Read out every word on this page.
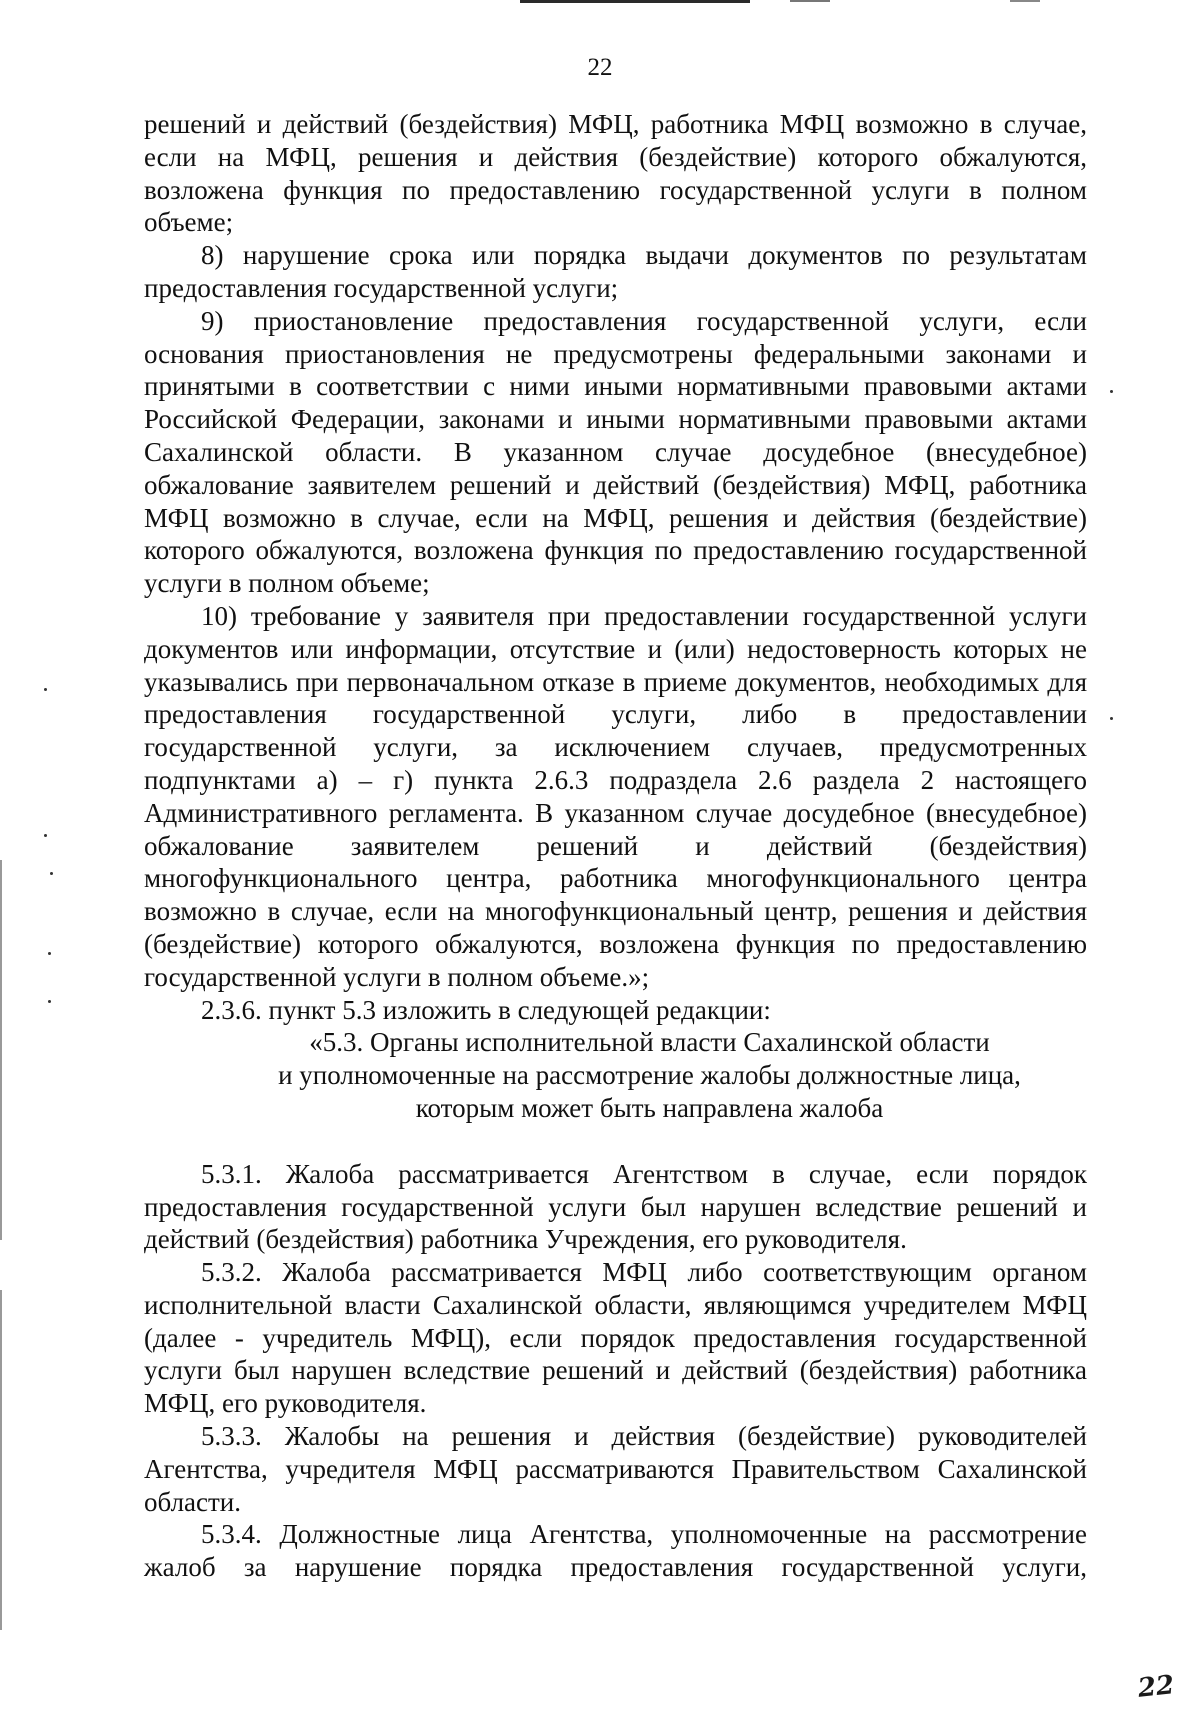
22

решений и действий (бездействия) МФЦ, работника МФЦ возможно в случае, если на МФЦ, решения и действия (бездействие) которого обжалуются, возложена функция по предоставлению государственной услуги в полном объеме;

8) нарушение срока или порядка выдачи документов по результатам предоставления государственной услуги;

9) приостановление предоставления государственной услуги, если основания приостановления не предусмотрены федеральными законами и принятыми в соответствии с ними иными нормативными правовыми актами Российской Федерации, законами и иными нормативными правовыми актами Сахалинской области. В указанном случае досудебное (внесудебное) обжалование заявителем решений и действий (бездействия) МФЦ, работника МФЦ возможно в случае, если на МФЦ, решения и действия (бездействие) которого обжалуются, возложена функция по предоставлению государственной услуги в полном объеме;

10) требование у заявителя при предоставлении государственной услуги документов или информации, отсутствие и (или) недостоверность которых не указывались при первоначальном отказе в приеме документов, необходимых для предоставления государственной услуги, либо в предоставлении государственной услуги, за исключением случаев, предусмотренных подпунктами а) – г) пункта 2.6.3 подраздела 2.6 раздела 2 настоящего Административного регламента. В указанном случае досудебное (внесудебное) обжалование заявителем решений и действий (бездействия) многофункционального центра, работника многофункционального центра возможно в случае, если на многофункциональный центр, решения и действия (бездействие) которого обжалуются, возложена функция по предоставлению государственной услуги в полном объеме.»;

2.3.6. пункт 5.3 изложить в следующей редакции:

«5.3. Органы исполнительной власти Сахалинской области

и уполномоченные на рассмотрение жалобы должностные лица,

которым может быть направлена жалоба

5.3.1. Жалоба рассматривается Агентством в случае, если порядок предоставления государственной услуги был нарушен вследствие решений и действий (бездействия) работника Учреждения, его руководителя.

5.3.2. Жалоба рассматривается МФЦ либо соответствующим органом исполнительной власти Сахалинской области, являющимся учредителем МФЦ (далее - учредитель МФЦ), если порядок предоставления государственной услуги был нарушен вследствие решений и действий (бездействия) работника МФЦ, его руководителя.

5.3.3. Жалобы на решения и действия (бездействие) руководителей Агентства, учредителя МФЦ рассматриваются Правительством Сахалинской области.

5.3.4. Должностные лица Агентства, уполномоченные на рассмотрение жалоб за нарушение порядка предоставления государственной услуги,

22
